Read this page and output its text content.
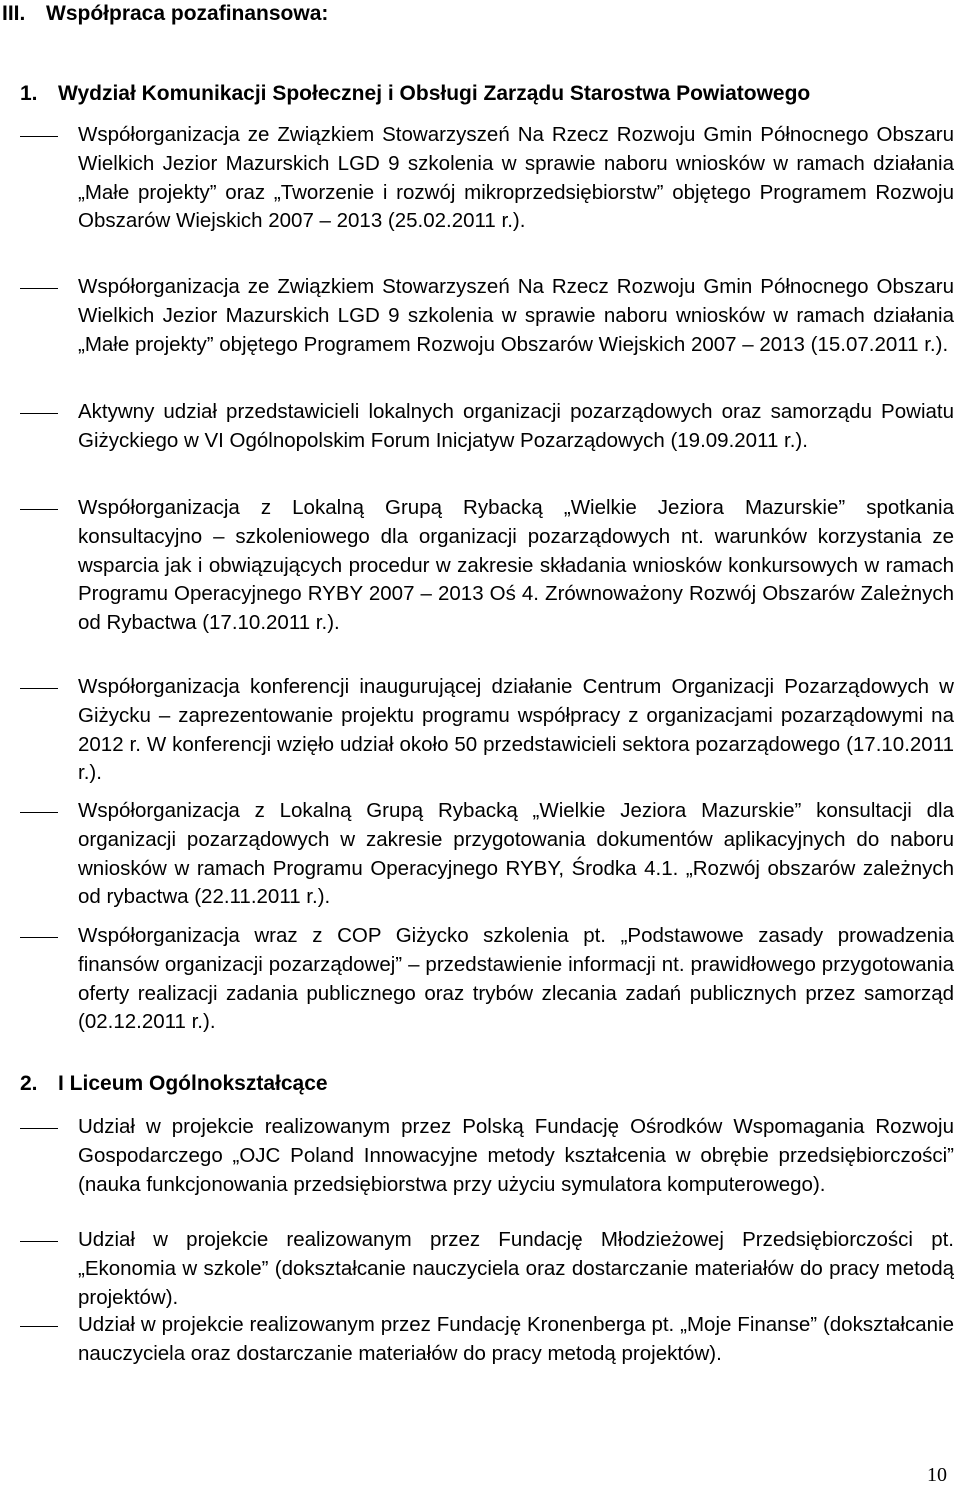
III. Współpraca pozafinansowa:
1. Wydział Komunikacji Społecznej i Obsługi Zarządu Starostwa Powiatowego
Współorganizacja ze Związkiem Stowarzyszeń Na Rzecz Rozwoju Gmin Północnego Obszaru Wielkich Jezior Mazurskich LGD 9 szkolenia w sprawie naboru wniosków w ramach działania „Małe projekty” oraz „Tworzenie i rozwój mikroprzedsiębiorstw” objętego Programem Rozwoju Obszarów Wiejskich 2007 – 2013 (25.02.2011 r.).
Współorganizacja ze Związkiem Stowarzyszeń Na Rzecz Rozwoju Gmin Północnego Obszaru Wielkich Jezior Mazurskich LGD 9 szkolenia w sprawie naboru wniosków w ramach działania „Małe projekty” objętego Programem Rozwoju Obszarów Wiejskich 2007 – 2013 (15.07.2011 r.).
Aktywny udział przedstawicieli lokalnych organizacji pozarządowych oraz samorządu Powiatu Giżyckiego w VI Ogólnopolskim Forum Inicjatyw Pozarządowych (19.09.2011 r.).
Współorganizacja z Lokalną Grupą Rybacką „Wielkie Jeziora Mazurskie” spotkania konsultacyjno – szkoleniowego dla organizacji pozarządowych nt. warunków korzystania ze wsparcia jak i obwiązujących procedur w zakresie składania wniosków konkursowych w ramach Programu Operacyjnego RYBY 2007 – 2013 Oś 4. Zrównoważony Rozwój Obszarów Zależnych od Rybactwa (17.10.2011 r.).
Współorganizacja konferencji inaugurującej działanie Centrum Organizacji Pozarządowych w Giżycku – zaprezentowanie projektu programu współpracy z organizacjami pozarządowymi na 2012 r. W konferencji wzięło udział około 50 przedstawicieli sektora pozarządowego (17.10.2011 r.).
Współorganizacja z Lokalną Grupą Rybacką „Wielkie Jeziora Mazurskie” konsultacji dla organizacji pozarządowych w zakresie przygotowania dokumentów aplikacyjnych do naboru wniosków w ramach Programu Operacyjnego RYBY, Środka 4.1. „Rozwój obszarów zależnych od rybactwa (22.11.2011 r.).
Współorganizacja wraz z COP Giżycko szkolenia pt. „Podstawowe zasady prowadzenia finansów organizacji pozarządowej” – przedstawienie informacji nt. prawidłowego przygotowania oferty realizacji zadania publicznego oraz trybów zlecania zadań publicznych przez samorząd (02.12.2011 r.).
2. I Liceum Ogólnokształcące
Udział w projekcie realizowanym przez Polską Fundację Ośrodków Wspomagania Rozwoju Gospodarczego „OJC Poland Innowacyjne metody kształcenia w obrębie przedsiębiorczości” (nauka funkcjonowania przedsiębiorstwa przy użyciu symulatora komputerowego).
Udział w projekcie realizowanym przez Fundację Młodzieżowej Przedsiębiorczości pt. „Ekonomia w szkole” (dokształcanie nauczyciela oraz dostarczanie materiałów do pracy metodą projektów).
Udział w projekcie realizowanym przez Fundację Kronenberga pt. „Moje Finanse” (dokształcanie nauczyciela oraz dostarczanie materiałów do pracy metodą projektów).
10
